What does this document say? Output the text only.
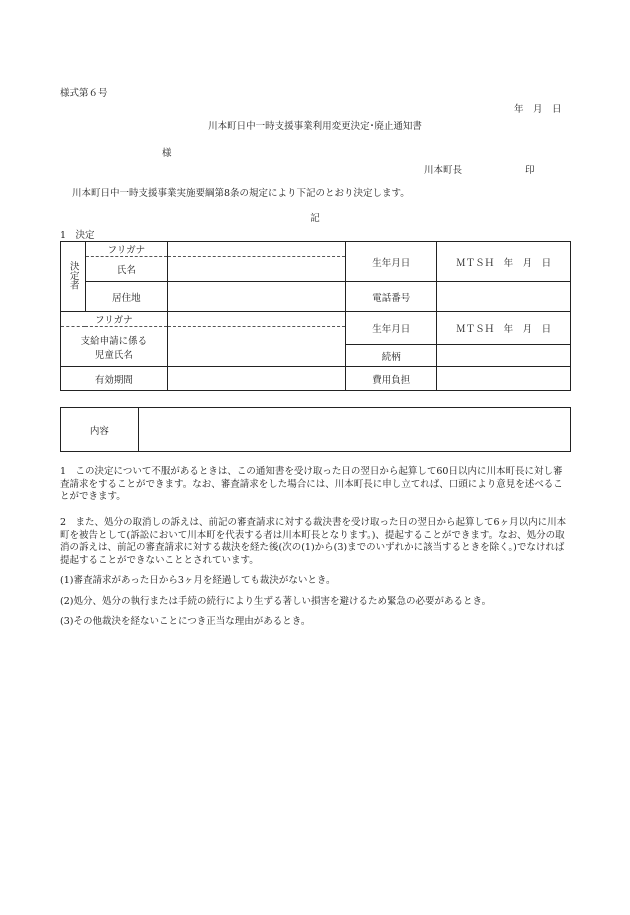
様式第６号
年　月　日
川本町日中一時支援事業利用変更決定･廃止通知書
様
川本町長	印
川本町日中一時支援事業実施要綱第8条の規定により下記のとおり決定します。
記
1　決定
決定者	フリガナ		生年月日	ＭＴＳＨ　年　月　日
	氏名			
	居住地		電話番号	
フリガナ			生年月日	ＭＴＳＨ　年　月　日

支給申請に係る
児童氏名				

			続柄	
有効期間			費用負担	
内容	
1　この決定について不服があるときは、この通知書を受け取った日の翌日から起算して60日以内に川本町長に対し審査請求をすることができます。なお、審査請求をした場合には、川本町長に申し立てれば、口頭により意見を述べることができます。
2　また、処分の取消しの訴えは、前記の審査請求に対する裁決書を受け取った日の翌日から起算して6ヶ月以内に川本町を被告として(訴訟において川本町を代表する者は川本町長となります。)、提起することができます。なお、処分の取消の訴えは、前記の審査請求に対する裁決を経た後(次の(1)から(3)までのいずれかに該当するときを除く。)でなければ提起することができないこととされています。
(1)審査請求があった日から3ヶ月を経過しても裁決がないとき。
(2)処分、処分の執行または手続の続行により生ずる著しい損害を避けるため緊急の必要があるとき。
(3)その他裁決を経ないことにつき正当な理由があるとき。
